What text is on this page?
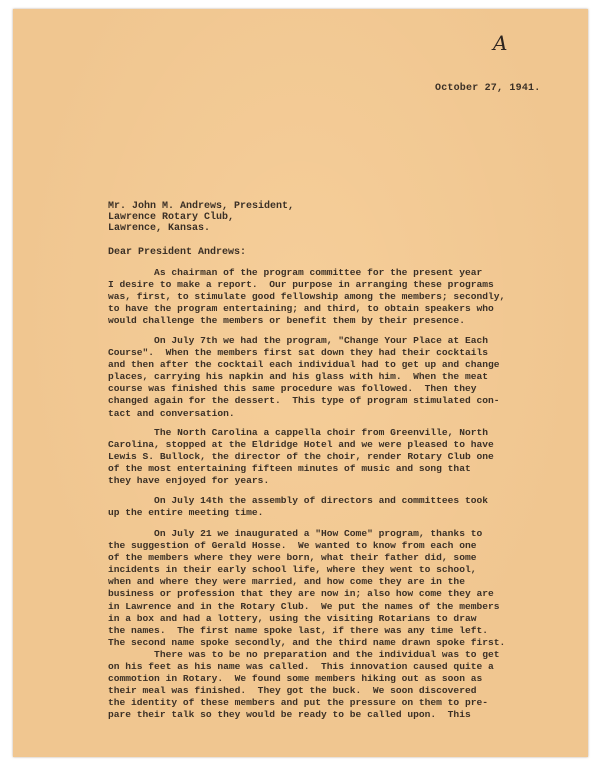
A
October 27, 1941.
Mr. John M. Andrews, President,
Lawrence Rotary Club,
Lawrence, Kansas.
Dear President Andrews:
As chairman of the program committee for the present year
I desire to make a report.  Our purpose in arranging these programs
was, first, to stimulate good fellowship among the members; secondly,
to have the program entertaining; and third, to obtain speakers who
would challenge the members or benefit them by their presence.
On July 7th we had the program, "Change Your Place at Each
Course".  When the members first sat down they had their cocktails
and then after the cocktail each individual had to get up and change
places, carrying his napkin and his glass with him.  When the meat
course was finished this same procedure was followed.  Then they
changed again for the dessert.  This type of program stimulated con-
tact and conversation.
The North Carolina a cappella choir from Greenville, North
Carolina, stopped at the Eldridge Hotel and we were pleased to have
Lewis S. Bullock, the director of the choir, render Rotary Club one
of the most entertaining fifteen minutes of music and song that
they have enjoyed for years.
On July 14th the assembly of directors and committees took
up the entire meeting time.
On July 21 we inaugurated a "How Come" program, thanks to
the suggestion of Gerald Hosse.  We wanted to know from each one
of the members where they were born, what their father did, some
incidents in their early school life, where they went to school,
when and where they were married, and how come they are in the
business or profession that they are now in; also how come they are
in Lawrence and in the Rotary Club.  We put the names of the members
in a box and had a lottery, using the visiting Rotarians to draw
the names.  The first name spoke last, if there was any time left.
The second name spoke secondly, and the third name drawn spoke first.
There was to be no preparation and the individual was to get
on his feet as his name was called.  This innovation caused quite a
commotion in Rotary.  We found some members hiking out as soon as
their meal was finished.  They got the buck.  We soon discovered
the identity of these members and put the pressure on them to pre-
pare their talk so they would be ready to be called upon.  This
